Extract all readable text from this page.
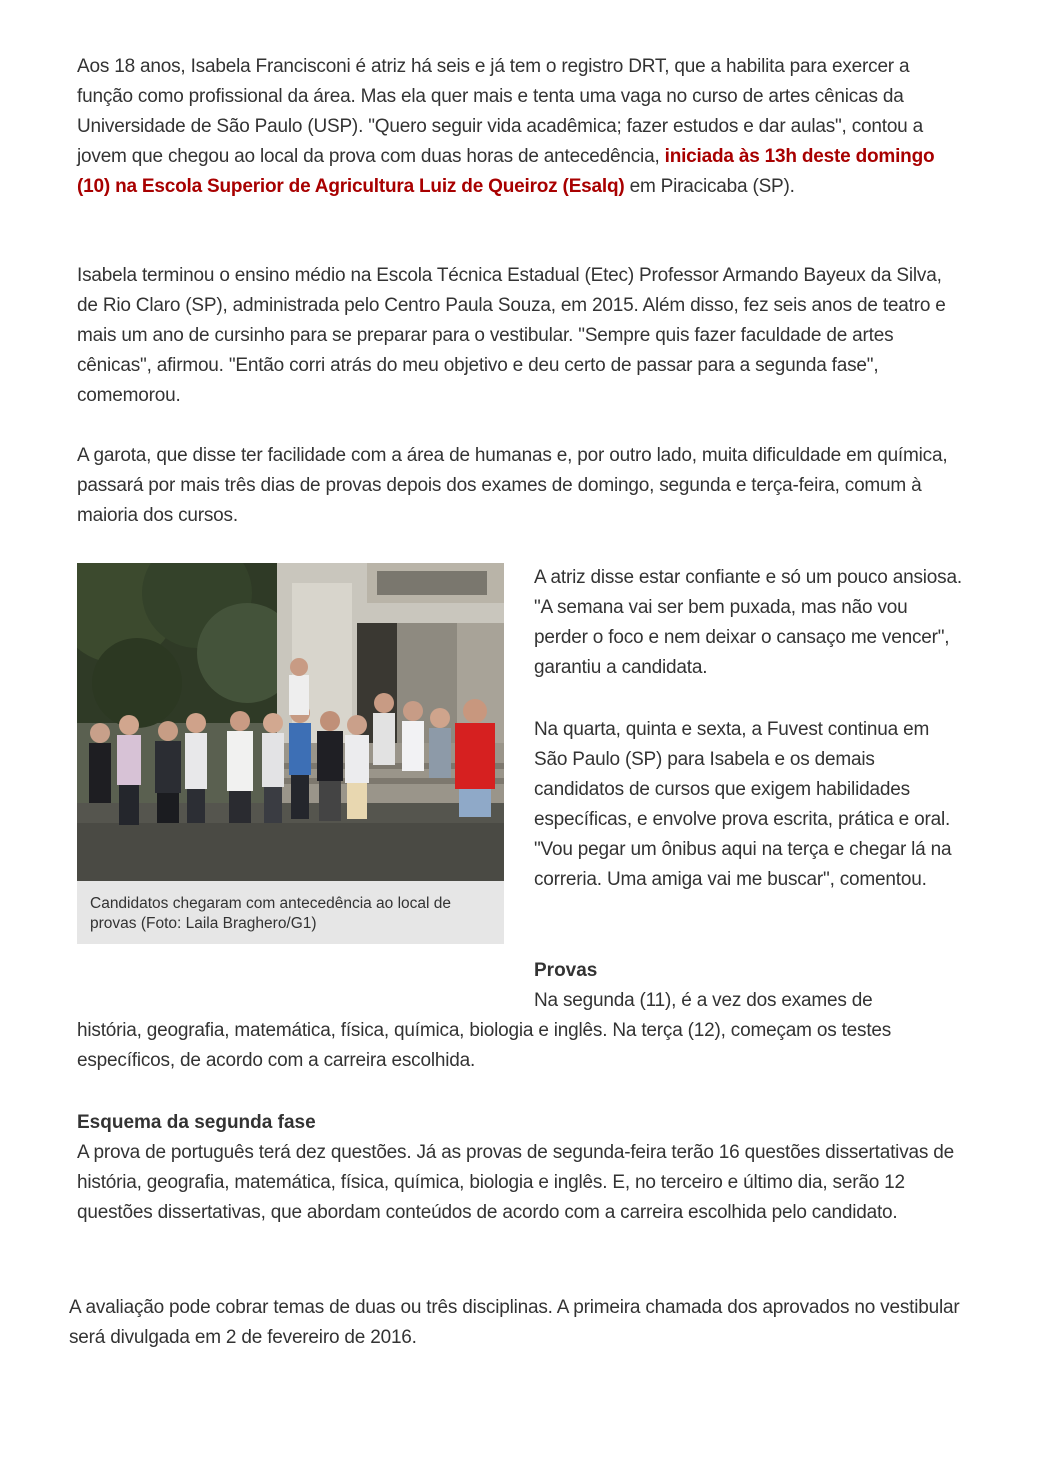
Aos 18 anos, Isabela Francisconi é atriz há seis e já tem o registro DRT, que a habilita para exercer a função como profissional da área. Mas ela quer mais e tenta uma vaga no curso de artes cênicas da Universidade de São Paulo (USP). "Quero seguir vida acadêmica; fazer estudos e dar aulas", contou a jovem que chegou ao local da prova com duas horas de antecedência, iniciada às 13h deste domingo (10) na Escola Superior de Agricultura Luiz de Queiroz (Esalq) em Piracicaba (SP).

Isabela terminou o ensino médio na Escola Técnica Estadual (Etec) Professor Armando Bayeux da Silva, de Rio Claro (SP), administrada pelo Centro Paula Souza, em 2015. Além disso, fez seis anos de teatro e mais um ano de cursinho para se preparar para o vestibular. "Sempre quis fazer faculdade de artes cênicas", afirmou. "Então corri atrás do meu objetivo e deu certo de passar para a segunda fase", comemorou.

A garota, que disse ter facilidade com a área de humanas e, por outro lado, muita dificuldade em química, passará por mais três dias de provas depois dos exames de domingo, segunda e terça-feira, comum à maioria dos cursos.

Candidatos chegaram com antecedência ao local de provas (Foto: Laila Braghero/G1)

A atriz disse estar confiante e só um pouco ansiosa. "A semana vai ser bem puxada, mas não vou perder o foco e nem deixar o cansaço me vencer", garantiu a candidata.

Na quarta, quinta e sexta, a Fuvest continua em São Paulo (SP) para Isabela e os demais candidatos de cursos que exigem habilidades específicas, e envolve prova escrita, prática e oral. "Vou pegar um ônibus aqui na terça e chegar lá na correria. Uma amiga vai me buscar", comentou.

Provas

Na segunda (11), é a vez dos exames de

história, geografia, matemática, física, química, biologia e inglês. Na terça (12), começam os testes específicos, de acordo com a carreira escolhida.

Esquema da segunda fase

A prova de português terá dez questões. Já as provas de segunda-feira terão 16 questões dissertativas de história, geografia, matemática, física, química, biologia e inglês. E, no terceiro e último dia, serão 12 questões dissertativas, que abordam conteúdos de acordo com a carreira escolhida pelo candidato.

A avaliação pode cobrar temas de duas ou três disciplinas. A primeira chamada dos aprovados no vestibular será divulgada em 2 de fevereiro de 2016.
